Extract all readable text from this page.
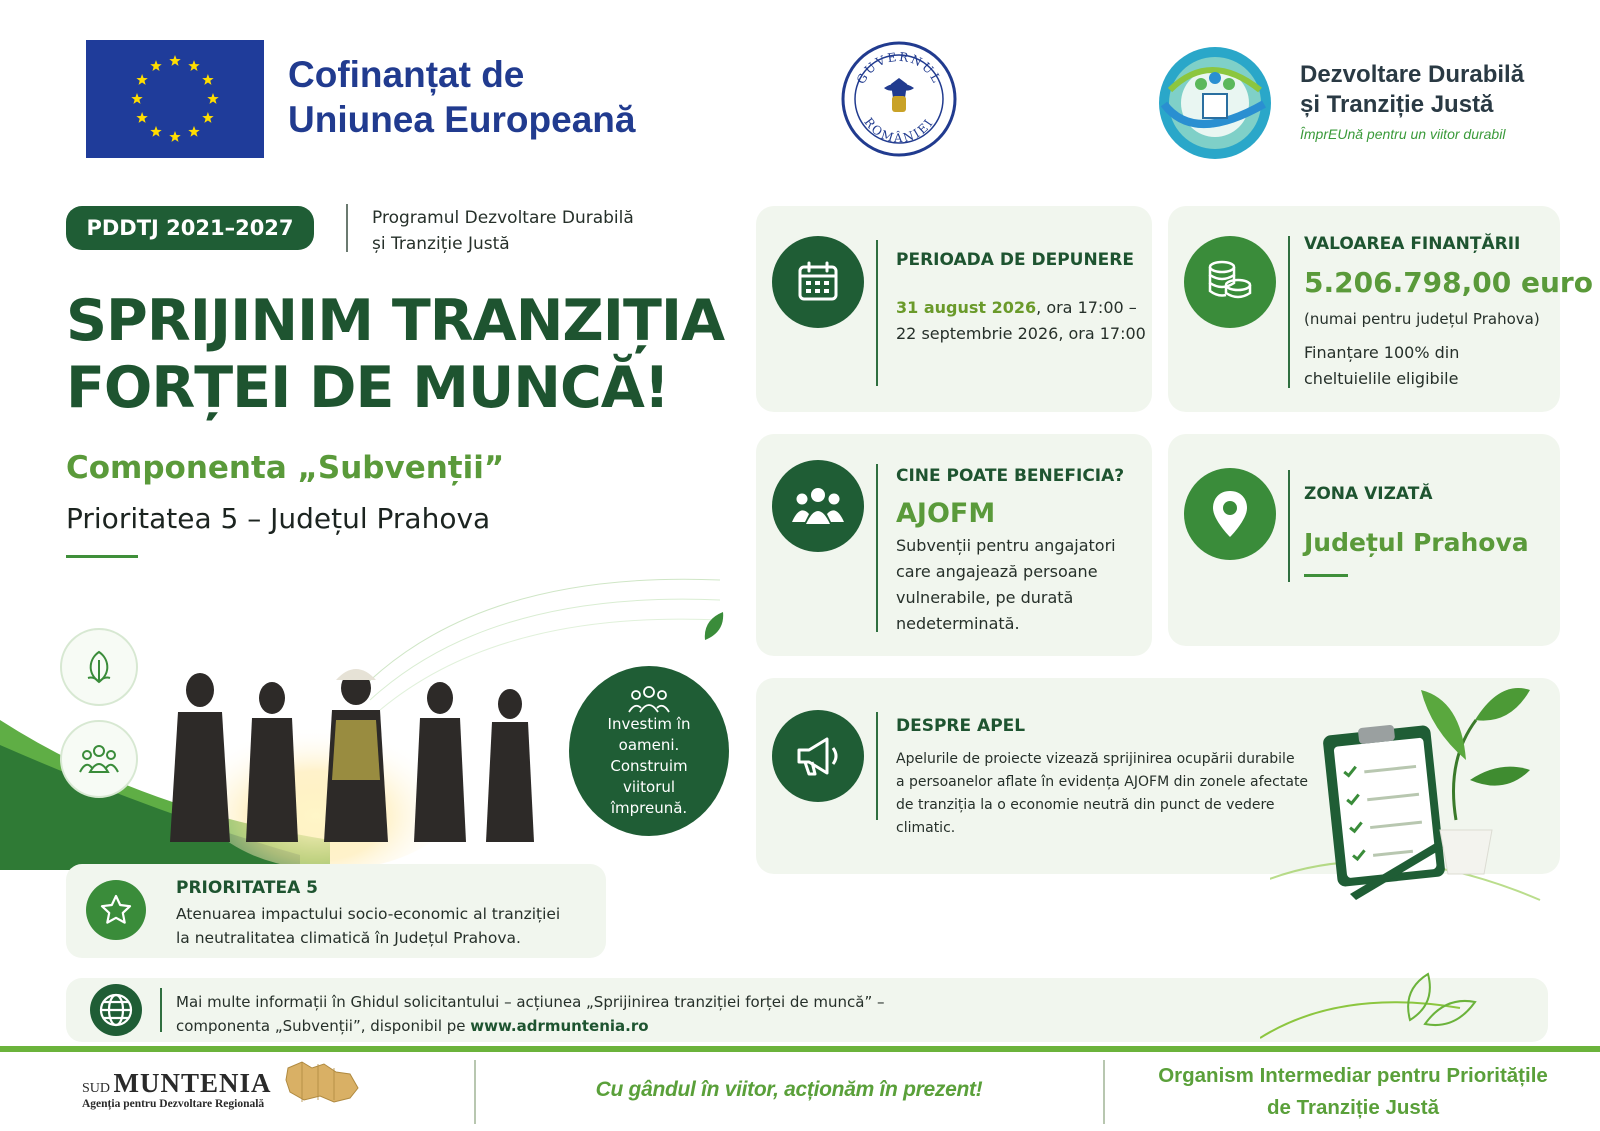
Cofinanțat de
Uniunea Europeană
GUVERNUL
ROMÂNIEI
Dezvoltare Durabilă
și Tranziție Justă
ÎmprEUnă pentru un viitor durabil
PDDTJ 2021–2027	Programul Dezvoltare Durabilă
și Tranziție Justă
SPRIJINIM TRANZIȚIA
FORȚEI DE MUNCĂ!
Componenta „Subvenții”
Prioritatea 5 – Județul Prahova
Investim în
oameni.
Construim
viitorul
împreună.
PRIORITATEA 5
Atenuarea impactului socio-economic al tranziției
la neutralitatea climatică în Județul Prahova.
PERIOADA DE DEPUNERE
31 august 2026, ora 17:00 –
22 septembrie 2026, ora 17:00
VALOAREA FINANȚĂRII
5.206.798,00 euro
(numai pentru județul Prahova)
Finanțare 100% din
cheltuielile eligibile
CINE POATE BENEFICIA?
AJOFM
Subvenții pentru angajatori
care angajează persoane
vulnerabile, pe durată
nedeterminată.
ZONA VIZATĂ
Județul Prahova
DESPRE APEL
Apelurile de proiecte vizează sprijinirea ocupării durabile
a persoanelor aflate în evidența AJOFM din zonele afectate
de tranziția la o economie neutră din punct de vedere climatic.
Mai multe informații în Ghidul solicitantului – acțiunea „Sprijinirea tranziției forței de muncă” –
componenta „Subvenții”, disponibil pe www.adrmuntenia.ro
SUD MUNTENIA
Agenția pentru Dezvoltare Regională
Cu gândul în viitor, acționăm în prezent!
Organism Intermediar pentru Prioritățile
de Tranziție Justă
